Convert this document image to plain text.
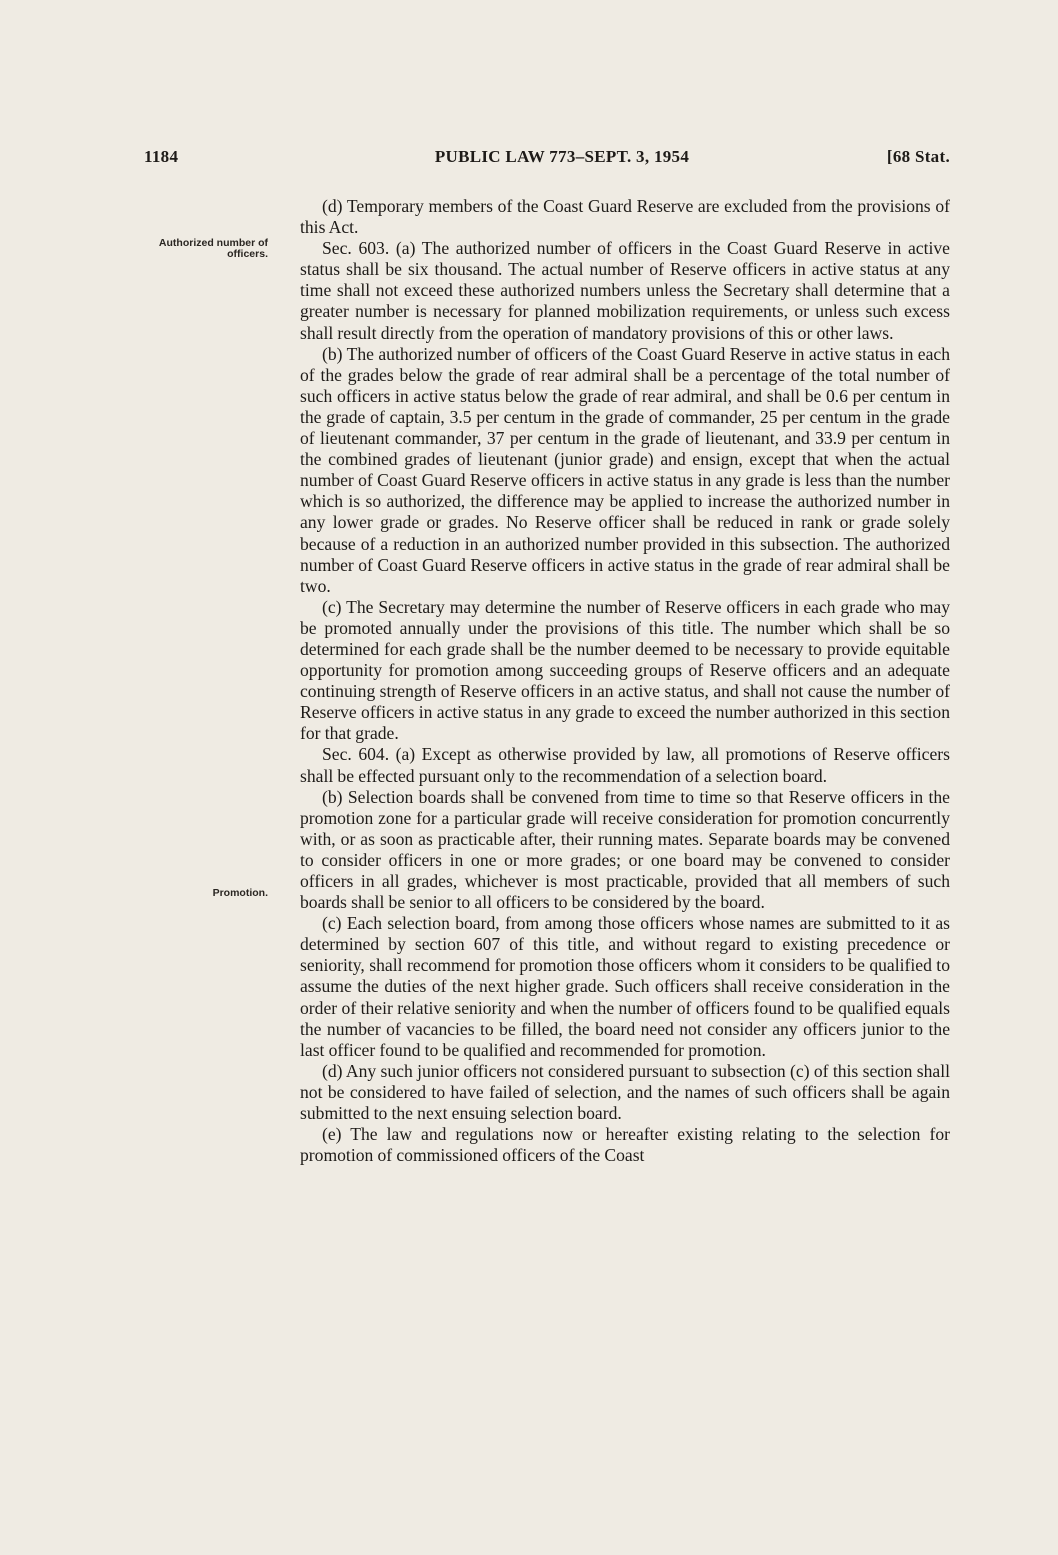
1184	PUBLIC LAW 773–SEPT. 3, 1954	[68 Stat.
Authorized number of officers.
Promotion.

(d) Temporary members of the Coast Guard Reserve are excluded from the provisions of this Act.

Sec. 603. (a) The authorized number of officers in the Coast Guard Reserve in active status shall be six thousand. The actual number of Reserve officers in active status at any time shall not exceed these authorized numbers unless the Secretary shall determine that a greater number is necessary for planned mobilization requirements, or unless such excess shall result directly from the operation of mandatory provisions of this or other laws.

(b) The authorized number of officers of the Coast Guard Reserve in active status in each of the grades below the grade of rear admiral shall be a percentage of the total number of such officers in active status below the grade of rear admiral, and shall be 0.6 per centum in the grade of captain, 3.5 per centum in the grade of commander, 25 per centum in the grade of lieutenant commander, 37 per centum in the grade of lieutenant, and 33.9 per centum in the combined grades of lieutenant (junior grade) and ensign, except that when the actual number of Coast Guard Reserve officers in active status in any grade is less than the number which is so authorized, the difference may be applied to increase the authorized number in any lower grade or grades. No Reserve officer shall be reduced in rank or grade solely because of a reduction in an authorized number provided in this subsection. The authorized number of Coast Guard Reserve officers in active status in the grade of rear admiral shall be two.

(c) The Secretary may determine the number of Reserve officers in each grade who may be promoted annually under the provisions of this title. The number which shall be so determined for each grade shall be the number deemed to be necessary to provide equitable opportunity for promotion among succeeding groups of Reserve officers and an adequate continuing strength of Reserve officers in an active status, and shall not cause the number of Reserve officers in active status in any grade to exceed the number authorized in this section for that grade.

Sec. 604. (a) Except as otherwise provided by law, all promotions of Reserve officers shall be effected pursuant only to the recommendation of a selection board.

(b) Selection boards shall be convened from time to time so that Reserve officers in the promotion zone for a particular grade will receive consideration for promotion concurrently with, or as soon as practicable after, their running mates. Separate boards may be convened to consider officers in one or more grades; or one board may be convened to consider officers in all grades, whichever is most practicable, provided that all members of such boards shall be senior to all officers to be considered by the board.

(c) Each selection board, from among those officers whose names are submitted to it as determined by section 607 of this title, and without regard to existing precedence or seniority, shall recommend for promotion those officers whom it considers to be qualified to assume the duties of the next higher grade. Such officers shall receive consideration in the order of their relative seniority and when the number of officers found to be qualified equals the number of vacancies to be filled, the board need not consider any officers junior to the last officer found to be qualified and recommended for promotion.

(d) Any such junior officers not considered pursuant to subsection (c) of this section shall not be considered to have failed of selection, and the names of such officers shall be again submitted to the next ensuing selection board.

(e) The law and regulations now or hereafter existing relating to the selection for promotion of commissioned officers of the Coast
